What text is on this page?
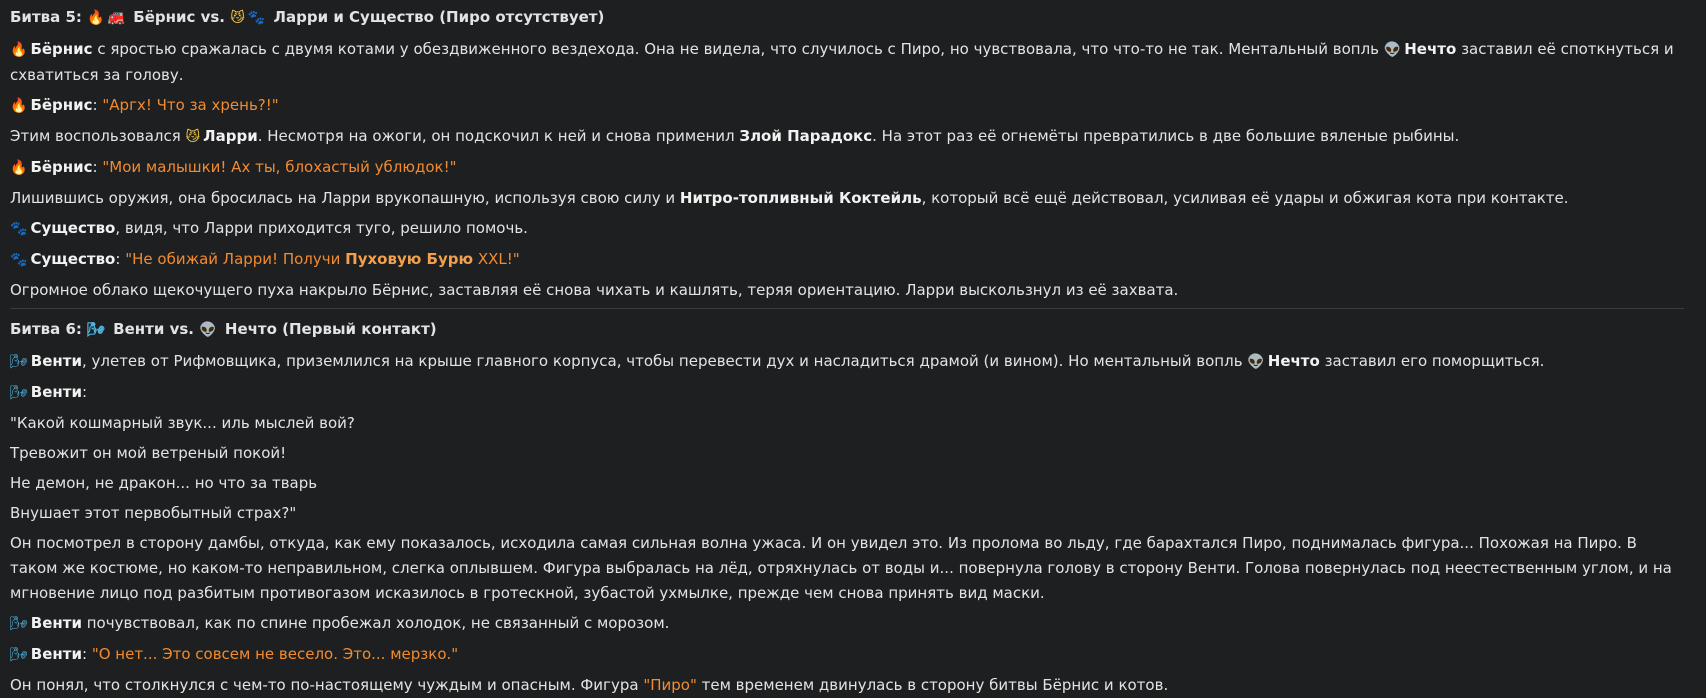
Битва 5: 🔥 🚒 Бёрнис vs. 😼 🐾 Ларри и Существо (Пиро отсутствует)
🔥 Бёрнис с яростью сражалась с двумя котами у обездвиженного вездехода. Она не видела, что случилось с Пиро, но чувствовала, что что-то не так. Ментальный вопль 👽 Нечто заставил её споткнуться и схватиться за голову.
🔥 Бёрнис: "Аргх! Что за хрень?!"
Этим воспользовался 😼 Ларри. Несмотря на ожоги, он подскочил к ней и снова применил Злой Парадокс. На этот раз её огнемёты превратились в две большие вяленые рыбины.
🔥 Бёрнис: "Мои малышки! Ах ты, блохастый ублюдок!"
Лишившись оружия, она бросилась на Ларри врукопашную, используя свою силу и Нитро-топливный Коктейль, который всё ещё действовал, усиливая её удары и обжигая кота при контакте.
🐾 Существо, видя, что Ларри приходится туго, решило помочь.
🐾 Существо: "Не обижай Ларри! Получи Пуховую Бурю XXL!"
Огромное облако щекочущего пуха накрыло Бёрнис, заставляя её снова чихать и кашлять, теряя ориентацию. Ларри выскользнул из её захвата.
Битва 6: 🌬 Венти vs. 👽 Нечто (Первый контакт)
🌬 Венти, улетев от Рифмовщика, приземлился на крыше главного корпуса, чтобы перевести дух и насладиться драмой (и вином). Но ментальный вопль 👽 Нечто заставил его поморщиться.
🌬 Венти:
"Какой кошмарный звук... иль мыслей вой?
Тревожит он мой ветреный покой!
Не демон, не дракон... но что за тварь
Внушает этот первобытный страх?"
Он посмотрел в сторону дамбы, откуда, как ему показалось, исходила самая сильная волна ужаса. И он увидел это. Из пролома во льду, где барахтался Пиро, поднималась фигура... Похожая на Пиро. В таком же костюме, но каком-то неправильном, слегка оплывшем. Фигура выбралась на лёд, отряхнулась от воды и... повернула голову в сторону Венти. Голова повернулась под неестественным углом, и на мгновение лицо под разбитым противогазом исказилось в гротескной, зубастой ухмылке, прежде чем снова принять вид маски.
🌬 Венти почувствовал, как по спине пробежал холодок, не связанный с морозом.
🌬 Венти: "О нет... Это совсем не весело. Это... мерзко."
Он понял, что столкнулся с чем-то по-настоящему чуждым и опасным. Фигура "Пиро" тем временем двинулась в сторону битвы Бёрнис и котов.
